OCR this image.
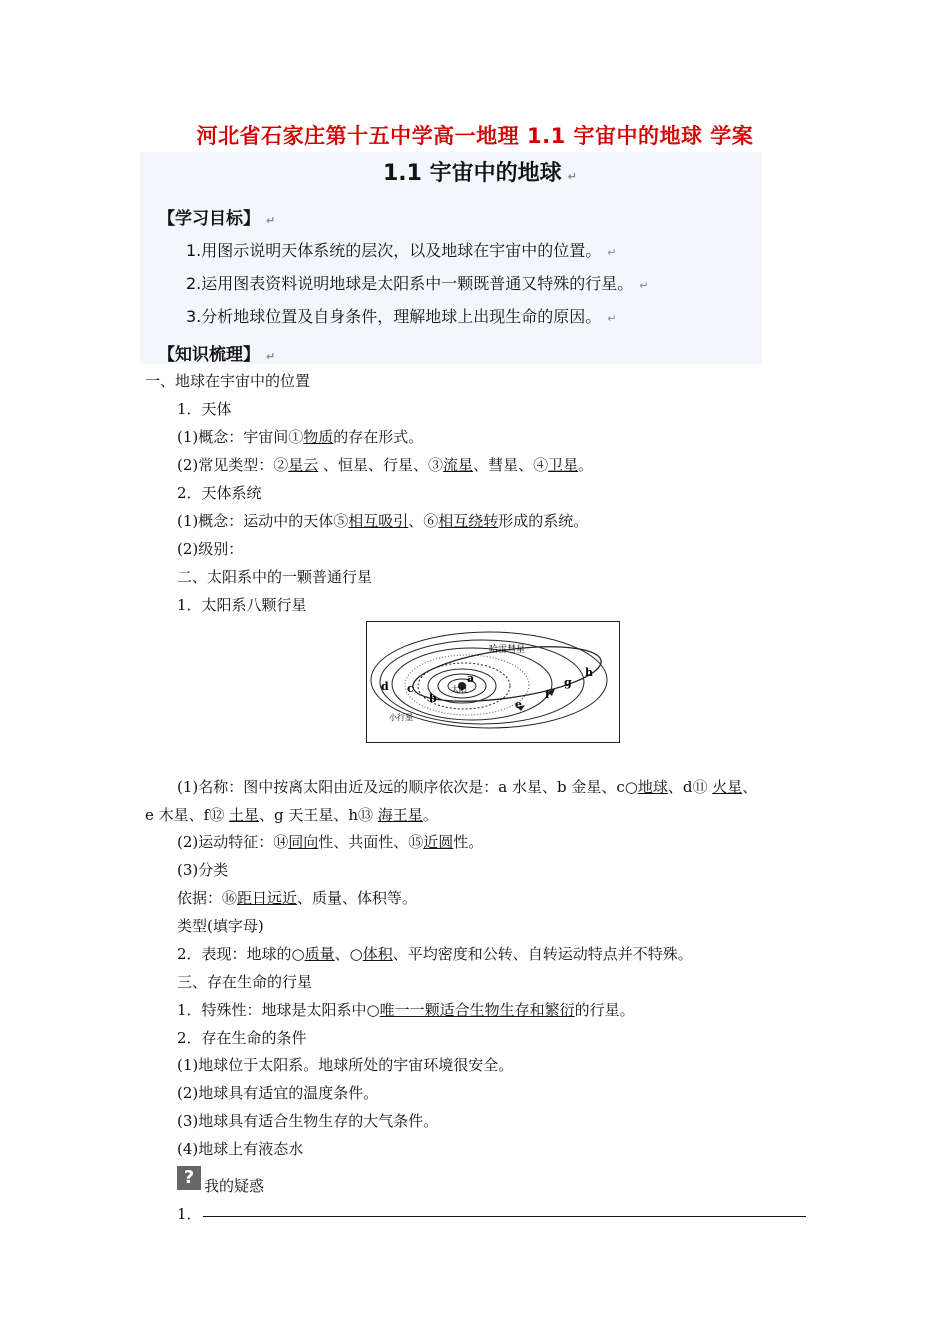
河北省石家庄第十五中学高一地理 1.1 宇宙中的地球 学案
1.1 宇宙中的地球 ↵
【学习目标】 ↵
1.用图示说明天体系统的层次，以及地球在宇宙中的位置。 ↵
2.运用图表资料说明地球是太阳系中一颗既普通又特殊的行星。 ↵
3.分析地球位置及自身条件，理解地球上出现生命的原因。 ↵
【知识梳理】 ↵
一、地球在宇宙中的位置
1．天体
(1)概念：宇宙间①物质的存在形式。
(2)常见类型：②星云 、恒星、行星、③流星、彗星、④卫星。
2．天体系统
(1)概念：运动中的天体⑤相互吸引、⑥相互绕转形成的系统。
(2)级别：
二、太阳系中的一颗普通行星
1．太阳系八颗行星
哈雷彗星
太阳
小行星
a
b
c
d
e
f
g
h
(1)名称：图中按离太阳由近及远的顺序依次是：a 水星、b 金星、c○地球、d⑪ 火星、
e 木星、f⑫ 土星、g 天王星、h⑬ 海王星。
(2)运动特征：⑭同向性、共面性、⑮近圆性。
(3)分类
依据：⑯距日远近、质量、体积等。
类型(填字母)
2．表现：地球的○质量、○体积、平均密度和公转、自转运动特点并不特殊。
三、存在生命的行星
1．特殊性：地球是太阳系中○唯一一颗适合生物生存和繁衍的行星。
2．存在生命的条件
(1)地球位于太阳系。地球所处的宇宙环境很安全。
(2)地球具有适宜的温度条件。
(3)地球具有适合生物生存的大气条件。
(4)地球上有液态水
? 我的疑惑
1．
